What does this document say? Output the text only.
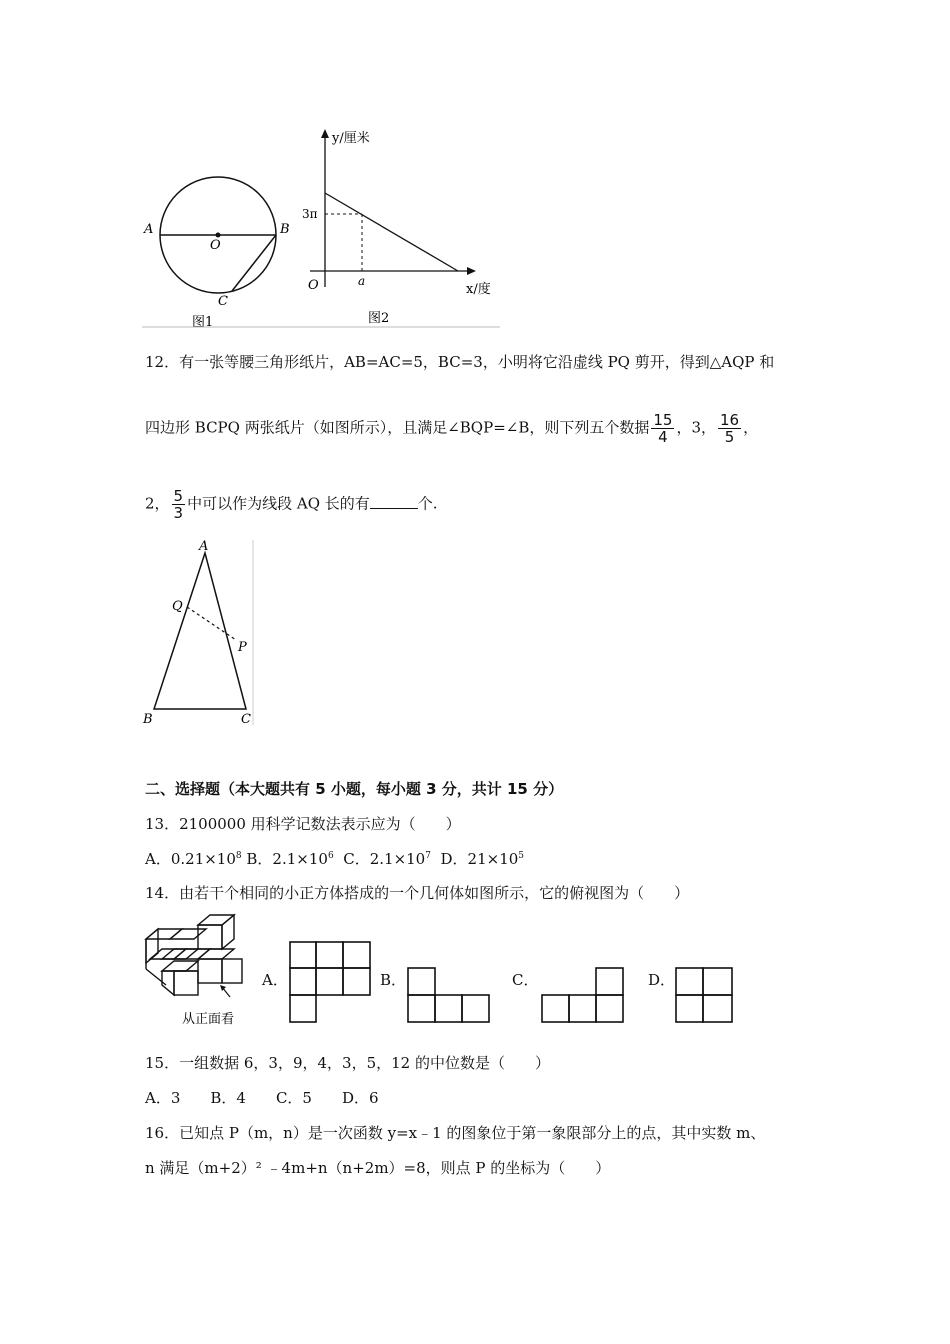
A
O
B
C
图1
y/厘米
x/度
O
3π
a
图2
12．有一张等腰三角形纸片，AB=AC=5，BC=3，小明将它沿虚线 PQ 剪开，得到△AQP 和
四边形 BCPQ 两张纸片（如图所示），且满足∠BQP=∠B，则下列五个数据 $\frac{15}{4}$ ，3， $\frac{16}{5}$ ，
2， $\frac{5}{3}$ 中可以作为线段 AQ 长的有	个.
A
Q
P
B	C
二、选择题（本大题共有 5 小题，每小题 3 分，共计 15 分）
13．2100000 用科学记数法表示应为（　　）
A．$0.21\times 10^8$ B．$2.1\times 10^6$ C．$2.1\times 10^7$ D．$21\times 10^5$
14．由若干个相同的小正方体搭成的一个几何体如图所示，它的俯视图为（　　）
从正面看
A．	B．	C．	D．
15．一组数据 6，3，9，4，3，5，12 的中位数是（　　）
A．3　　B．4　　C．5　　D．6
16．已知点 P（m，n）是一次函数 y=x﹣1 的图象位于第一象限部分上的点，其中实数 m、
n 满足（m+2）² ﹣4m+n（n+2m）=8，则点 P 的坐标为（　　）
